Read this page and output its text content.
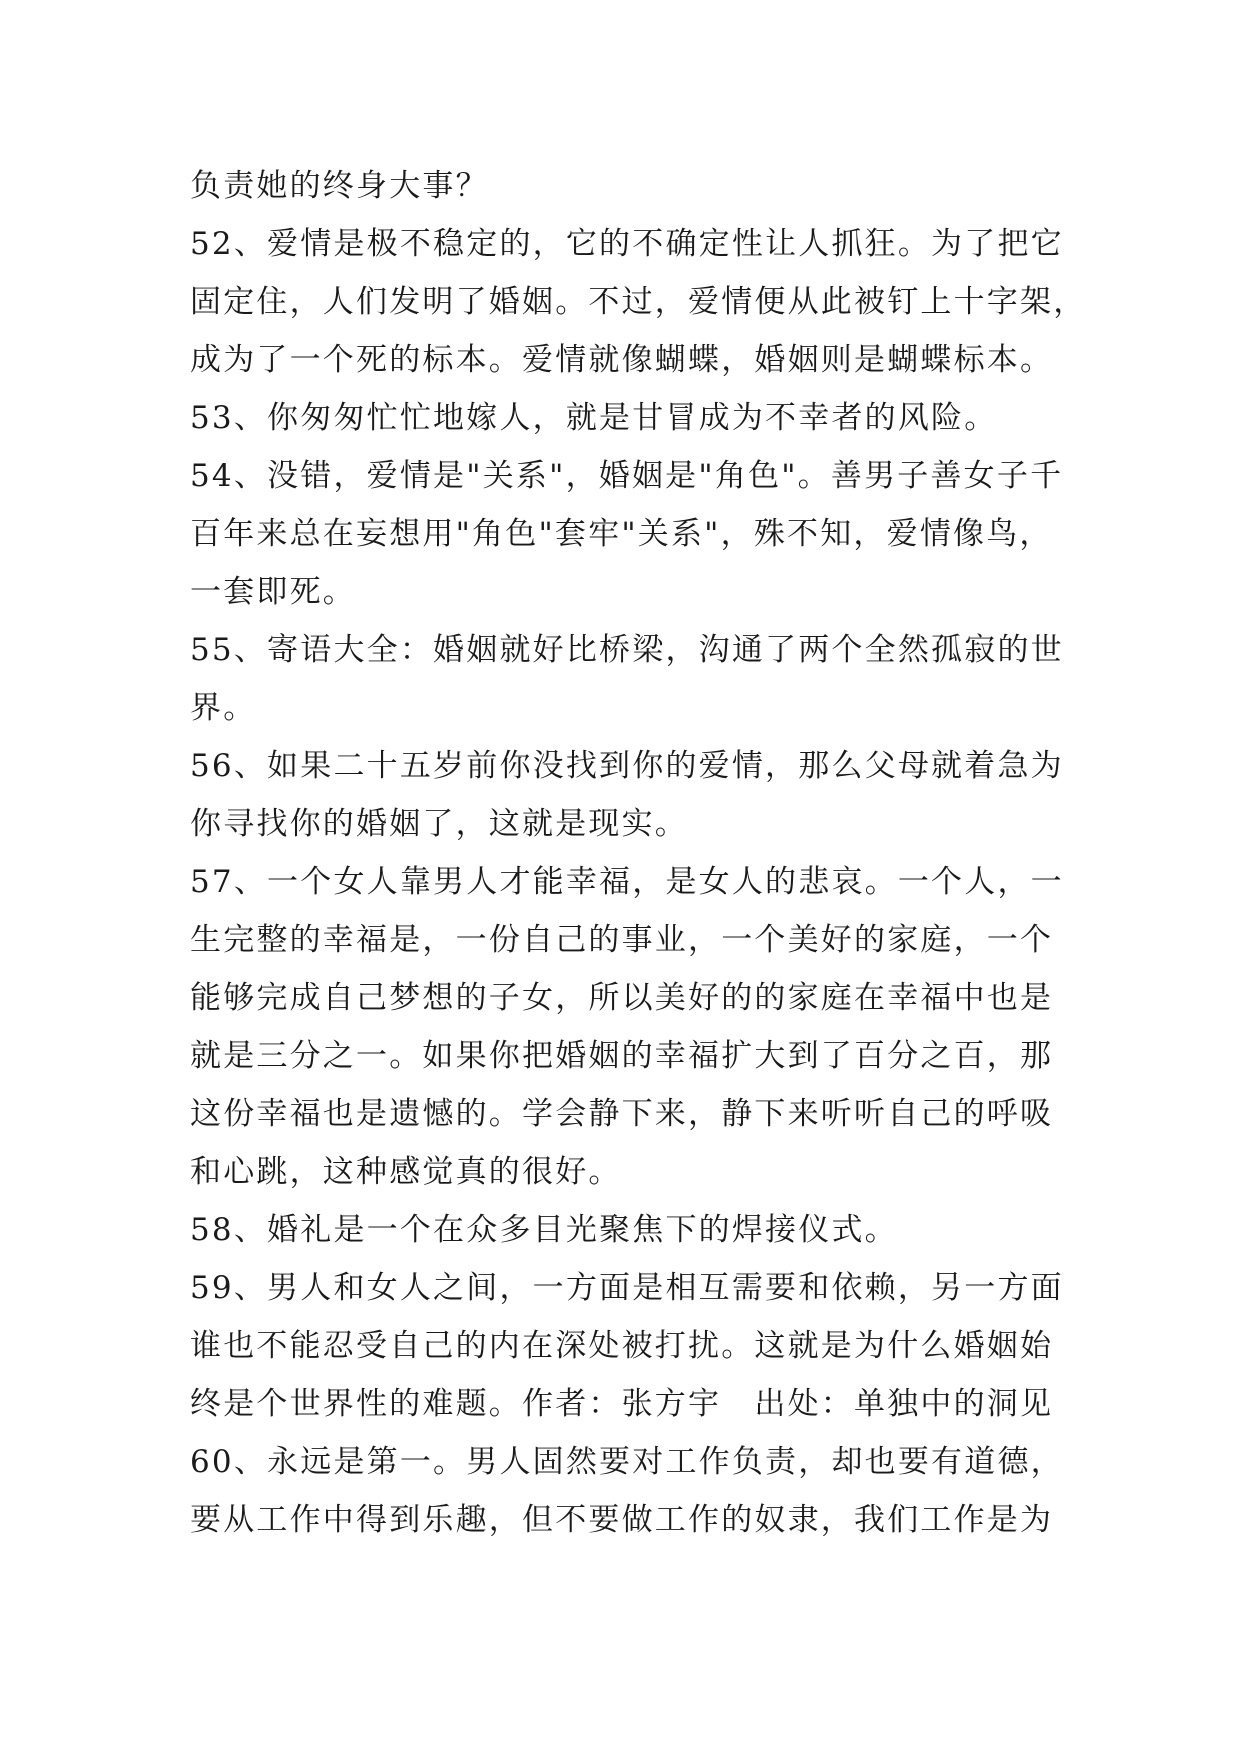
负责她的终身大事？
52、爱情是极不稳定的，它的不确定性让人抓狂。为了把它
固定住，人们发明了婚姻。不过，爱情便从此被钉上十字架，
成为了一个死的标本。爱情就像蝴蝶，婚姻则是蝴蝶标本。
53、你匆匆忙忙地嫁人，就是甘冒成为不幸者的风险。
54、没错，爱情是"关系"，婚姻是"角色"。善男子善女子千
百年来总在妄想用"角色"套牢"关系"，殊不知，爱情像鸟，
一套即死。
55、寄语大全：婚姻就好比桥梁，沟通了两个全然孤寂的世
界。
56、如果二十五岁前你没找到你的爱情，那么父母就着急为
你寻找你的婚姻了，这就是现实。
57、一个女人靠男人才能幸福，是女人的悲哀。一个人，一
生完整的幸福是，一份自己的事业，一个美好的家庭，一个
能够完成自己梦想的子女，所以美好的的家庭在幸福中也是
就是三分之一。如果你把婚姻的幸福扩大到了百分之百，那
这份幸福也是遗憾的。学会静下来，静下来听听自己的呼吸
和心跳，这种感觉真的很好。
58、婚礼是一个在众多目光聚焦下的焊接仪式。
59、男人和女人之间，一方面是相互需要和依赖，另一方面
谁也不能忍受自己的内在深处被打扰。这就是为什么婚姻始
终是个世界性的难题。作者：张方宇　出处：单独中的洞见
60、永远是第一。男人固然要对工作负责，却也要有道德，
要从工作中得到乐趣，但不要做工作的奴隶，我们工作是为
